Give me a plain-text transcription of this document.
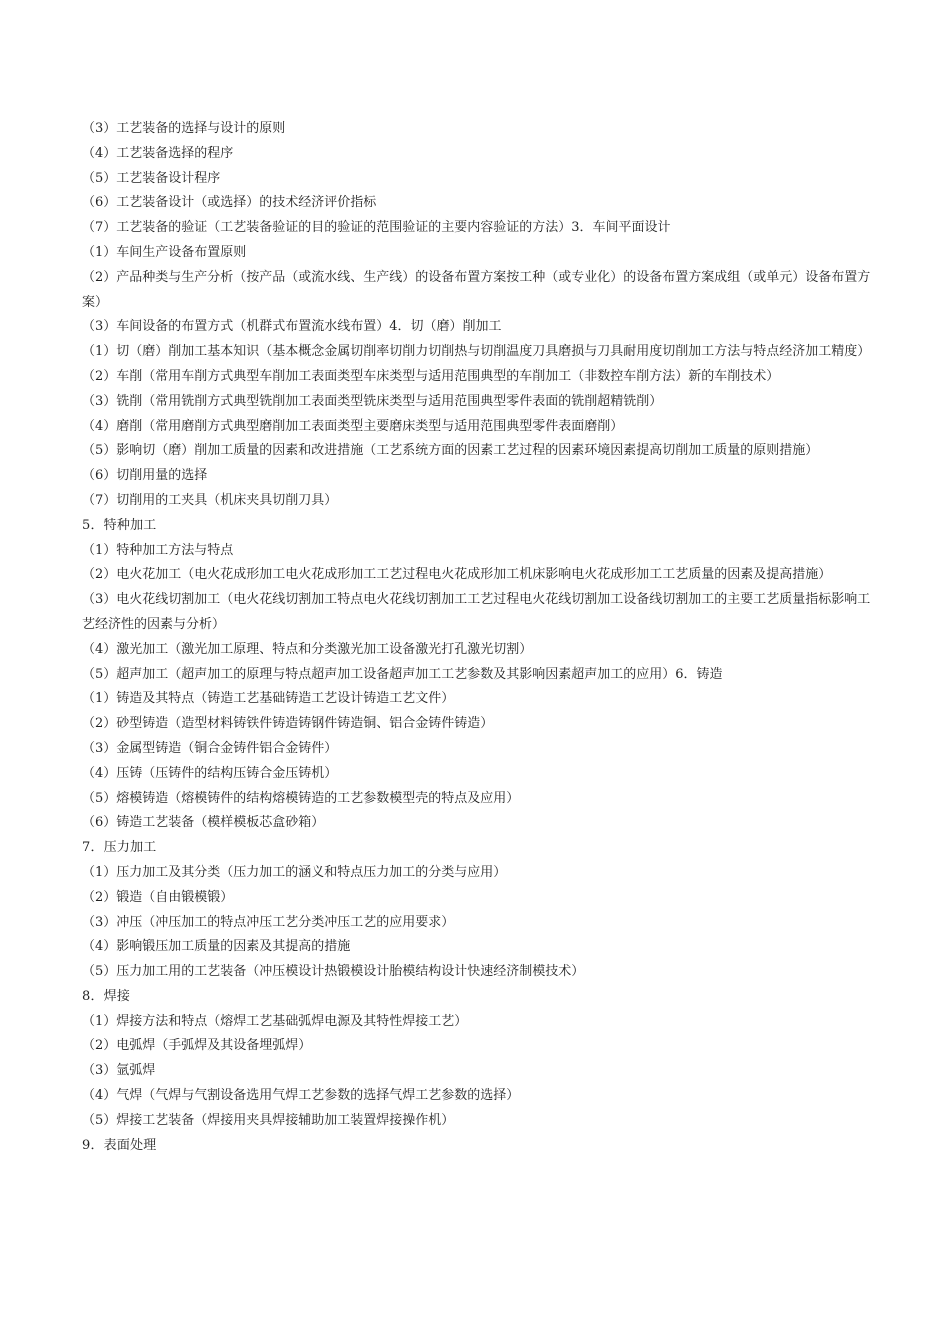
（3）工艺装备的选择与设计的原则

（4）工艺装备选择的程序

（5）工艺装备设计程序

（6）工艺装备设计（或选择）的技术经济评价指标

（7）工艺装备的验证（工艺装备验证的目的验证的范围验证的主要内容验证的方法）3．车间平面设计

（1）车间生产设备布置原则

（2）产品种类与生产分析（按产品（或流水线、生产线）的设备布置方案按工种（或专业化）的设备布置方案成组（或单元）设备布置方案）

（3）车间设备的布置方式（机群式布置流水线布置）4．切（磨）削加工

（1）切（磨）削加工基本知识（基本概念金属切削率切削力切削热与切削温度刀具磨损与刀具耐用度切削加工方法与特点经济加工精度）

（2）车削（常用车削方式典型车削加工表面类型车床类型与适用范围典型的车削加工（非数控车削方法）新的车削技术）

（3）铣削（常用铣削方式典型铣削加工表面类型铣床类型与适用范围典型零件表面的铣削超精铣削）

（4）磨削（常用磨削方式典型磨削加工表面类型主要磨床类型与适用范围典型零件表面磨削）

（5）影响切（磨）削加工质量的因素和改进措施（工艺系统方面的因素工艺过程的因素环境因素提高切削加工质量的原则措施）

（6）切削用量的选择

（7）切削用的工夹具（机床夹具切削刀具）

5．特种加工

（1）特种加工方法与特点

（2）电火花加工（电火花成形加工电火花成形加工工艺过程电火花成形加工机床影响电火花成形加工工艺质量的因素及提高措施）

（3）电火花线切割加工（电火花线切割加工特点电火花线切割加工工艺过程电火花线切割加工设备线切割加工的主要工艺质量指标影响工艺经济性的因素与分析）

（4）激光加工（激光加工原理、特点和分类激光加工设备激光打孔激光切割）

（5）超声加工（超声加工的原理与特点超声加工设备超声加工工艺参数及其影响因素超声加工的应用）6．铸造

（1）铸造及其特点（铸造工艺基础铸造工艺设计铸造工艺文件）

（2）砂型铸造（造型材料铸铁件铸造铸钢件铸造铜、铝合金铸件铸造）

（3）金属型铸造（铜合金铸件铝合金铸件）

（4）压铸（压铸件的结构压铸合金压铸机）

（5）熔模铸造（熔模铸件的结构熔模铸造的工艺参数模型壳的特点及应用）

（6）铸造工艺装备（模样模板芯盒砂箱）

7．压力加工

（1）压力加工及其分类（压力加工的涵义和特点压力加工的分类与应用）

（2）锻造（自由锻模锻）

（3）冲压（冲压加工的特点冲压工艺分类冲压工艺的应用要求）

（4）影响锻压加工质量的因素及其提高的措施

（5）压力加工用的工艺装备（冲压模设计热锻模设计胎模结构设计快速经济制模技术）

8．焊接

（1）焊接方法和特点（熔焊工艺基础弧焊电源及其特性焊接工艺）

（2）电弧焊（手弧焊及其设备埋弧焊）

（3）氩弧焊

（4）气焊（气焊与气割设备选用气焊工艺参数的选择气焊工艺参数的选择）

（5）焊接工艺装备（焊接用夹具焊接辅助加工装置焊接操作机）

9．表面处理
